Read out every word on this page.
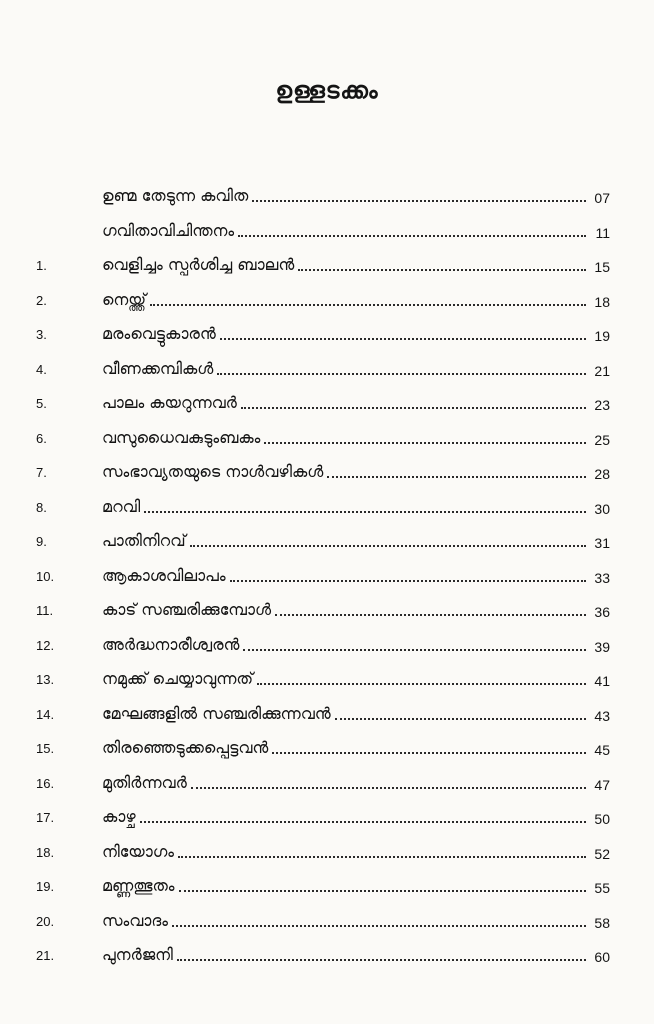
ഉള്ളടക്കം
ഉണ്മ തേടുന്ന കവിത	07
ഗവിതാവിചിന്തനം	11
1.	വെളിച്ചം സ്പർശിച്ച ബാലൻ	15
2.	നെയ്ത്ത്	18
3.	മരംവെട്ടുകാരൻ	19
4.	വീണക്കമ്പികൾ	21
5.	പാലം കയറുന്നവർ	23
6.	വസുധൈവകുടുംബകം	25
7.	സംഭാവ്യതയുടെ നാൾവഴികൾ	28
8.	മറവി	30
9.	പാതിനിറവ്	31
10.	ആകാശവിലാപം	33
11.	കാട് സഞ്ചരിക്കുമ്പോൾ	36
12.	അർദ്ധനാരീശ്വരൻ	39
13.	നമുക്ക് ചെയ്യാവുന്നത്	41
14.	മേഘങ്ങളിൽ സഞ്ചരിക്കുന്നവൻ	43
15.	തിരഞ്ഞെടുക്കപ്പെട്ടവൻ	45
16.	മുതിർന്നവർ	47
17.	കാഴ്ച	50
18.	നിയോഗം	52
19.	മണ്ണത്ഭുതം	55
20.	സംവാദം	58
21.	പുനർജനി	60
